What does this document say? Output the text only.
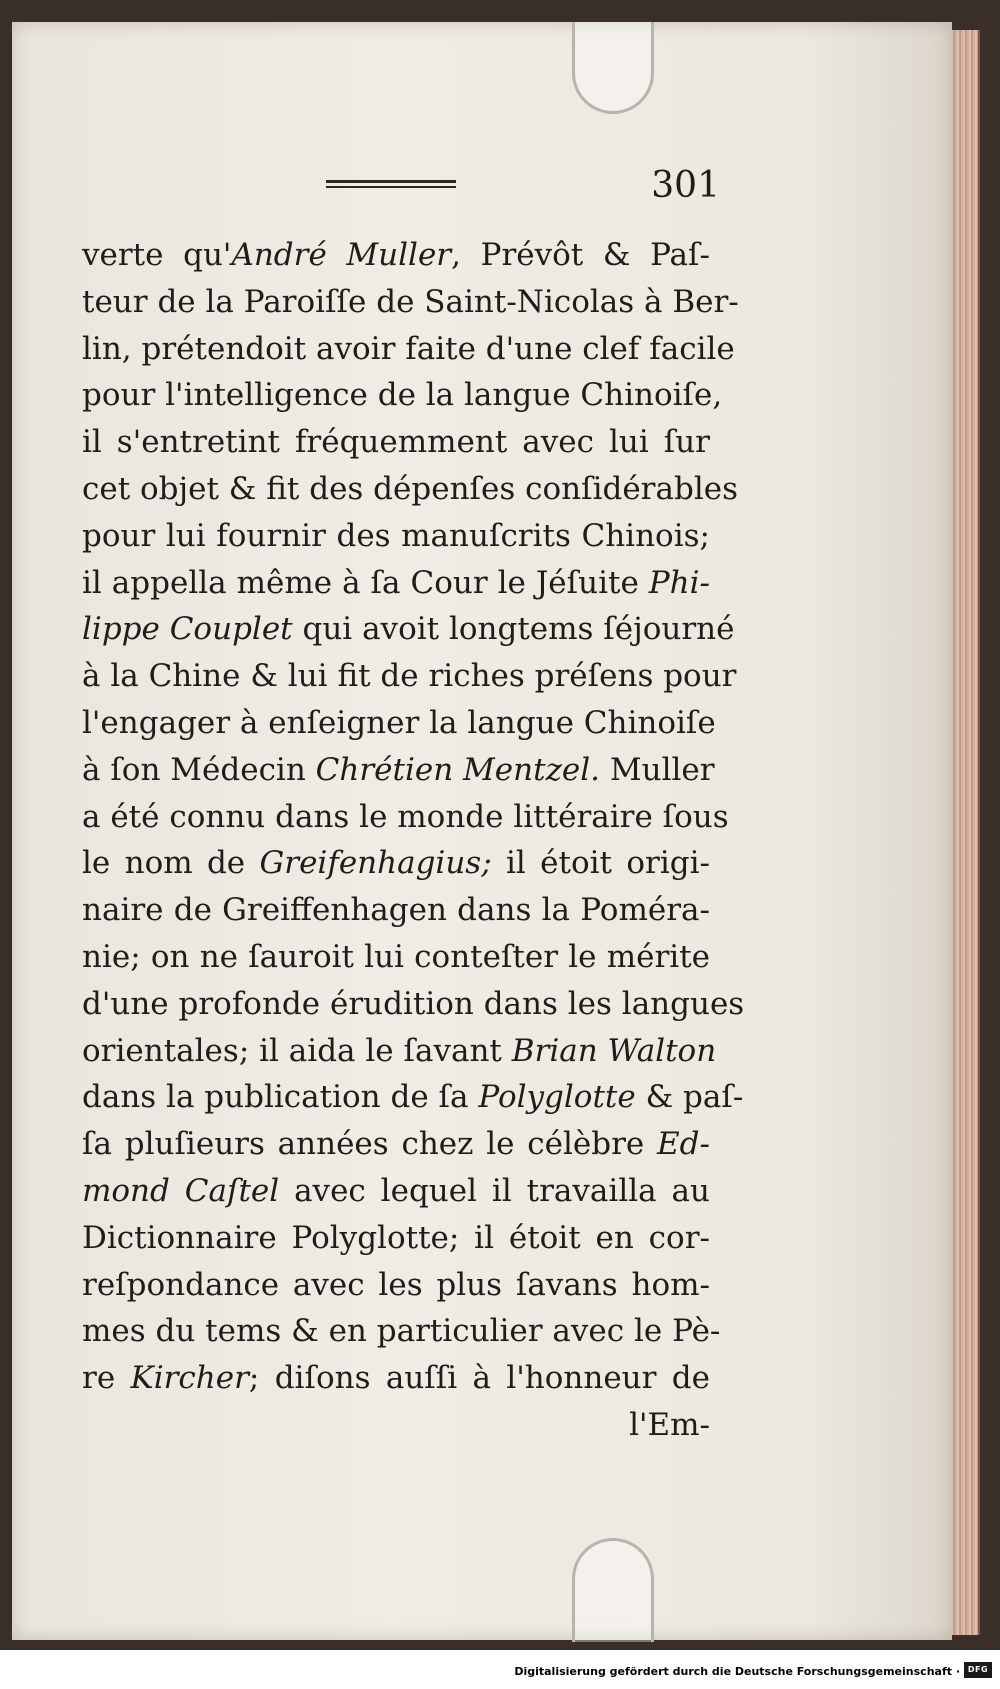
301
verte qu'André Muller, Prévôt & Paſ-
teur de la Paroiſſe de Saint-Nicolas à Ber-
lin, prétendoit avoir faite d'une clef facile
pour l'intelligence de la langue Chinoiſe,
il s'entretint fréquemment avec lui ſur
cet objet & fit des dépenſes conſidérables
pour lui fournir des manuſcrits Chinois;
il appella même à ſa Cour le Jéſuite Phi-
lippe Couplet qui avoit longtems ſéjourné
à la Chine & lui fit de riches préſens pour
l'engager à enſeigner la langue Chinoiſe
à ſon Médecin Chrétien Mentzel. Muller
a été connu dans le monde littéraire ſous
le nom de Greifenhagius; il étoit origi-
naire de Greiffenhagen dans la Poméra-
nie; on ne ſauroit lui conteſter le mérite
d'une profonde érudition dans les langues
orientales; il aida le ſavant Brian Walton
dans la publication de ſa Polyglotte & paſ-
ſa pluſieurs années chez le célèbre Ed-
mond Caſtel avec lequel il travailla au
Dictionnaire Polyglotte; il étoit en cor-
reſpondance avec les plus ſavans hom-
mes du tems & en particulier avec le Pè-
re Kircher; diſons auſſi à l'honneur de
l'Em-
Digitalisierung gefördert durch die Deutsche Forschungsgemeinschaft · DFG
